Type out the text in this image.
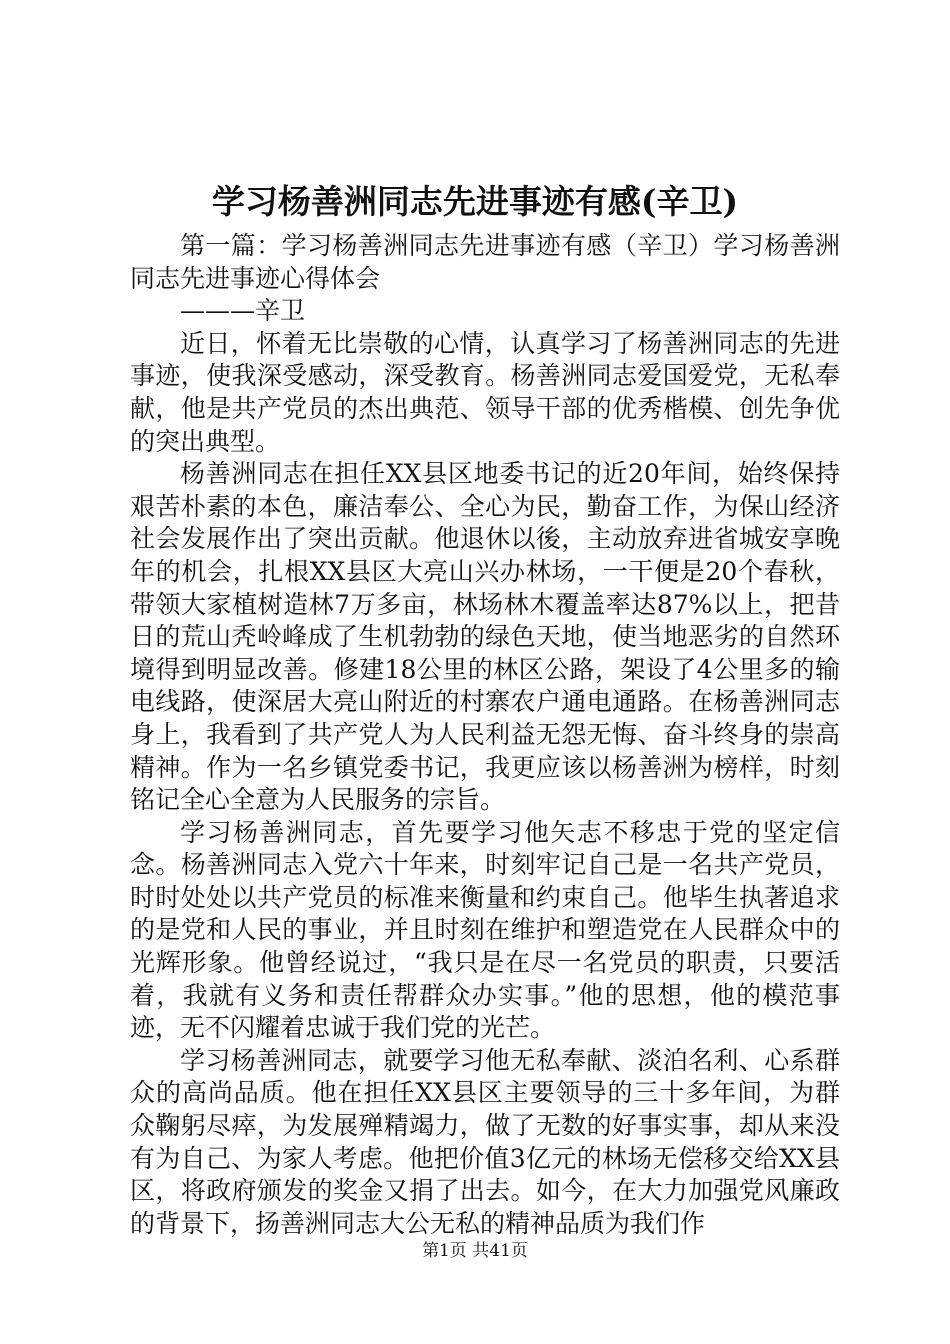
学习杨善洲同志先进事迹有感(辛卫)

第一篇：学习杨善洲同志先进事迹有感（辛卫）学习杨善洲同志先进事迹心得体会

———辛卫

近日，怀着无比崇敬的心情，认真学习了杨善洲同志的先进事迹，使我深受感动，深受教育。杨善洲同志爱国爱党，无私奉献，他是共产党员的杰出典范、领导干部的优秀楷模、创先争优的突出典型。

杨善洲同志在担任XX县区地委书记的近20年间，始终保持艰苦朴素的本色，廉洁奉公、全心为民，勤奋工作，为保山经济社会发展作出了突出贡献。他退休以後，主动放弃进省城安享晚年的机会，扎根XX县区大亮山兴办林场，一干便是20个春秋，带领大家植树造林7万多亩，林场林木覆盖率达87%以上，把昔日的荒山秃岭峰成了生机勃勃的绿色天地，使当地恶劣的自然环境得到明显改善。修建18公里的林区公路，架设了4公里多的输电线路，使深居大亮山附近的村寨农户通电通路。在杨善洲同志身上，我看到了共产党人为人民利益无怨无悔、奋斗终身的崇高精神。作为一名乡镇党委书记，我更应该以杨善洲为榜样，时刻铭记全心全意为人民服务的宗旨。

学习杨善洲同志，首先要学习他矢志不移忠于党的坚定信念。杨善洲同志入党六十年来，时刻牢记自己是一名共产党员，时时处处以共产党员的标准来衡量和约束自己。他毕生执著追求的是党和人民的事业，并且时刻在维护和塑造党在人民群众中的光辉形象。他曾经说过，“我只是在尽一名党员的职责，只要活着，我就有义务和责任帮群众办实事。”他的思想，他的模范事迹，无不闪耀着忠诚于我们党的光芒。

学习杨善洲同志，就要学习他无私奉献、淡泊名利、心系群众的高尚品质。他在担任XX县区主要领导的三十多年间，为群众鞠躬尽瘁，为发展殚精竭力，做了无数的好事实事，却从来没有为自己、为家人考虑。他把价值3亿元的林场无偿移交给XX县区，将政府颁发的奖金又捐了出去。如今，在大力加强党风廉政的背景下，扬善洲同志大公无私的精神品质为我们作

第1页 共41页
